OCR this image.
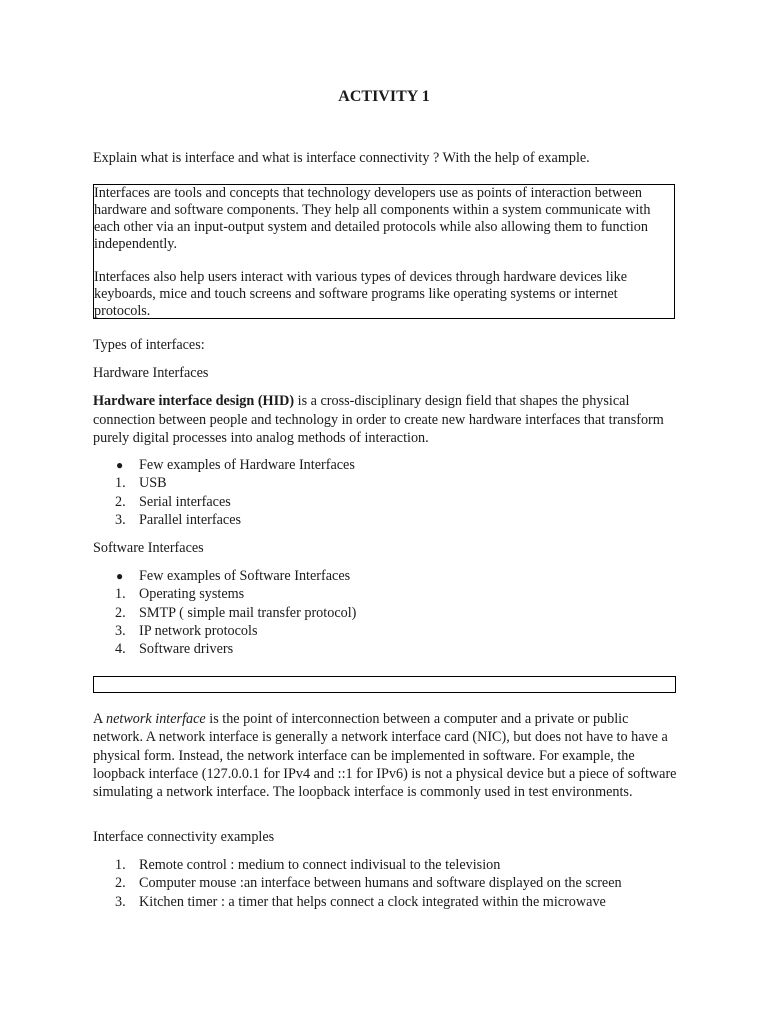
ACTIVITY 1
Explain what is interface and what is interface connectivity ? With the help of example.

Interfaces are tools and concepts that technology developers use as points of interaction between hardware and software components. They help all components within a system communicate with each other via an input-output system and detailed protocols while also allowing them to function independently.

Interfaces also help users interact with various types of devices through hardware devices like keyboards, mice and touch screens and software programs like operating systems or internet protocols.

Types of interfaces:
Hardware Interfaces
Hardware interface design (HID) is a cross-disciplinary design field that shapes the physical connection between people and technology in order to create new hardware interfaces that transform purely digital processes into analog methods of interaction.
● Few examples of Hardware Interfaces
1. USB
2. Serial interfaces
3. Parallel interfaces
Software Interfaces
● Few examples of Software Interfaces
1. Operating systems
2. SMTP ( simple mail transfer protocol)
3. IP network protocols
4. Software drivers
A network interface is the point of interconnection between a computer and a private or public network. A network interface is generally a network interface card (NIC), but does not have to have a physical form. Instead, the network interface can be implemented in software. For example, the loopback interface (127.0.0.1 for IPv4 and ::1 for IPv6) is not a physical device but a piece of software simulating a network interface. The loopback interface is commonly used in test environments.
Interface connectivity examples
1. Remote control : medium to connect indivisual to the television
2. Computer mouse :an interface between humans and software displayed on the screen
3. Kitchen timer : a timer that helps connect a clock integrated within the microwave
